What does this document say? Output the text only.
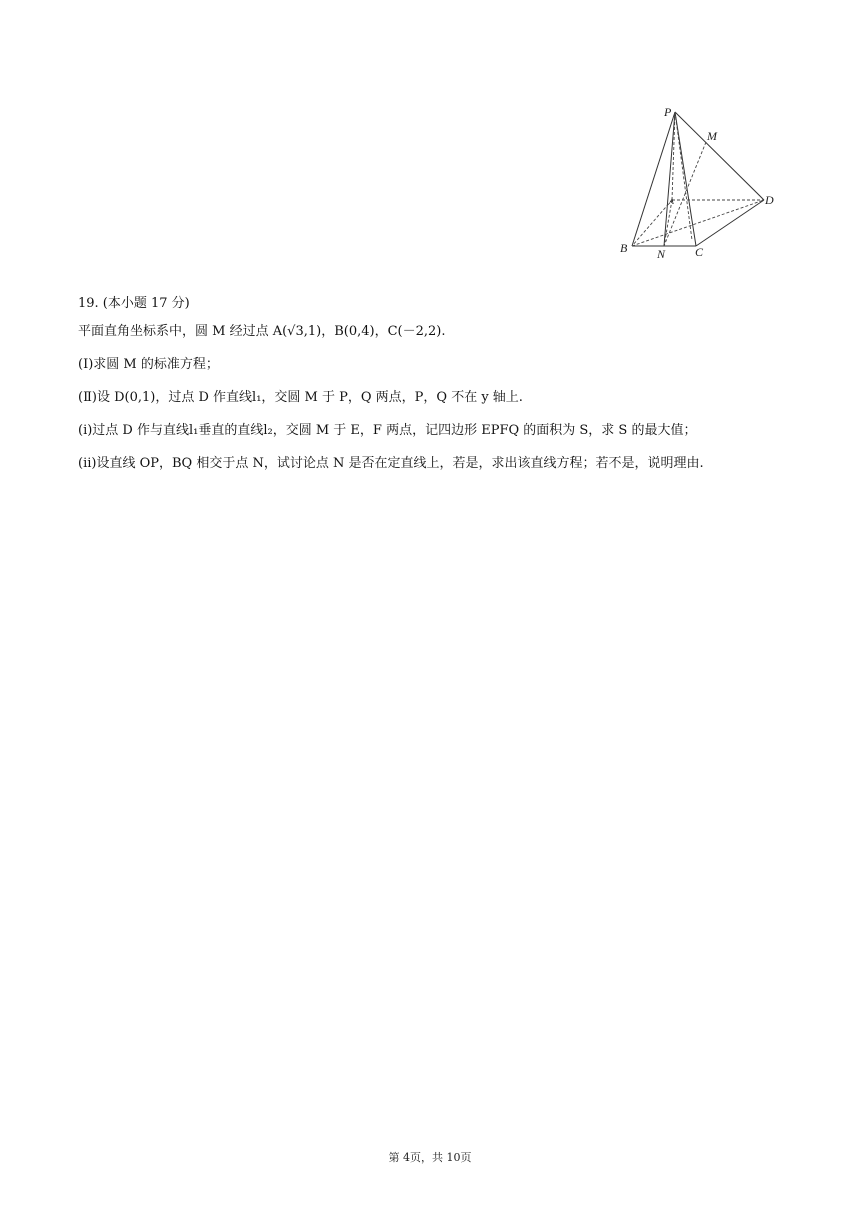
P
M
A	D
B N C
19. (本小题 17 分)
平面直角坐标系中，圆 M 经过点 A(√3,1)，B(0,4)，C(－2,2).
(Ⅰ)求圆 M 的标准方程；
(Ⅱ)设 D(0,1)，过点 D 作直线l₁，交圆 M 于 P，Q 两点，P，Q 不在 y 轴上.
(ⅰ)过点 D 作与直线l₁垂直的直线l₂，交圆 M 于 E，F 两点，记四边形 EPFQ 的面积为 S，求 S 的最大值；
(ⅱ)设直线 OP，BQ 相交于点 N，试讨论点 N 是否在定直线上，若是，求出该直线方程；若不是，说明理由.
第 4页，共 10页
